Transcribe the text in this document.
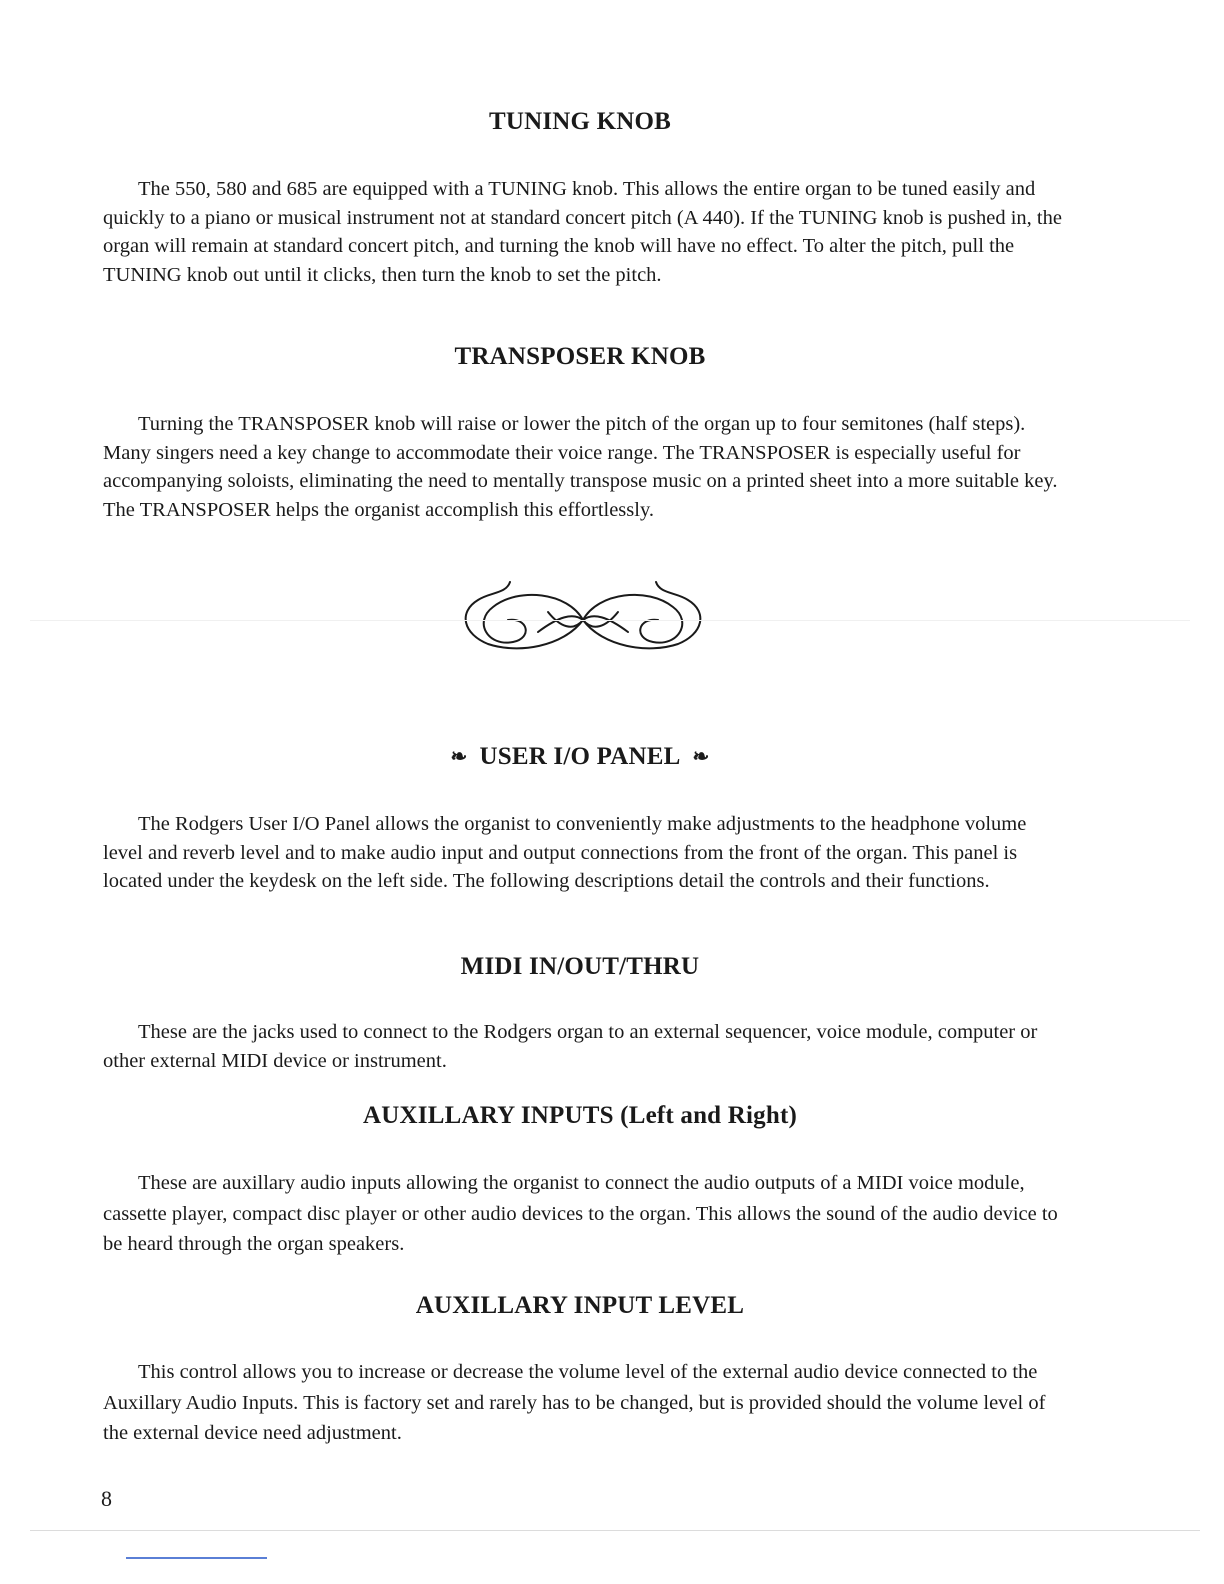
TUNING KNOB

The 550, 580 and 685 are equipped with a TUNING knob. This allows the entire organ to be tuned easily and quickly to a piano or musical instrument not at standard concert pitch (A 440). If the TUNING knob is pushed in, the organ will remain at standard concert pitch, and turning the knob will have no effect. To alter the pitch, pull the TUNING knob out until it clicks, then turn the knob to set the pitch.

TRANSPOSER KNOB

Turning the TRANSPOSER knob will raise or lower the pitch of the organ up to four semitones (half steps). Many singers need a key change to accommodate their voice range. The TRANSPOSER is especially useful for accompanying soloists, eliminating the need to mentally transpose music on a printed sheet into a more suitable key. The TRANSPOSER helps the organist accomplish this effortlessly.

❧ USER I/O PANEL ❧

The Rodgers User I/O Panel allows the organist to conveniently make adjustments to the headphone volume level and reverb level and to make audio input and output connections from the front of the organ. This panel is located under the keydesk on the left side. The following descriptions detail the controls and their functions.

MIDI IN/OUT/THRU

These are the jacks used to connect to the Rodgers organ to an external sequencer, voice module, computer or other external MIDI device or instrument.

AUXILLARY INPUTS (Left and Right)

These are auxillary audio inputs allowing the organist to connect the audio outputs of a MIDI voice module, cassette player, compact disc player or other audio devices to the organ. This allows the sound of the audio device to be heard through the organ speakers.

AUXILLARY INPUT LEVEL

This control allows you to increase or decrease the volume level of the external audio device connected to the Auxillary Audio Inputs. This is factory set and rarely has to be changed, but is provided should the volume level of the external device need adjustment.

8
